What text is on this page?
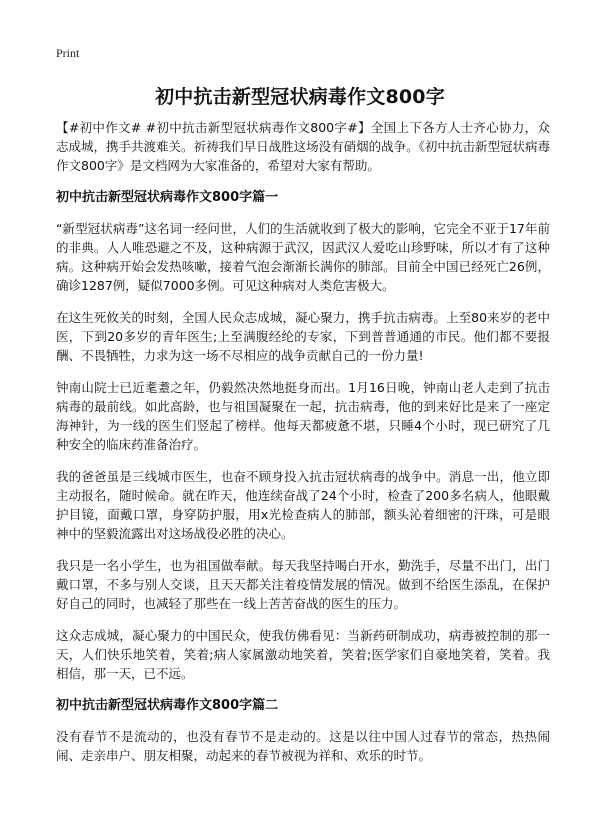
Print
初中抗击新型冠状病毒作文800字

【#初中作文# #初中抗击新型冠状病毒作文800字#】全国上下各方人士齐心协力，众志成城，携手共渡难关。祈祷我们早日战胜这场没有硝烟的战争。《初中抗击新型冠状病毒作文800字》是文档网为大家准备的，希望对大家有帮助。

初中抗击新型冠状病毒作文800字篇一

“新型冠状病毒”这名词一经问世，人们的生活就收到了极大的影响，它完全不亚于17年前的非典。人人唯恐避之不及，这种病源于武汉，因武汉人爱吃山珍野味，所以才有了这种病。这种病开始会发热咳嗽，接着气泡会渐渐长满你的肺部。目前全中国已经死亡26例，确诊1287例，疑似7000多例。可见这种病对人类危害极大。

在这生死攸关的时刻，全国人民众志成城，凝心聚力，携手抗击病毒。上至80来岁的老中医，下到20多岁的青年医生;上至满腹经纶的专家，下到普普通通的市民。他们都不要报酬、不畏牺牲，力求为这一场不尽相应的战争贡献自己的一份力量!

钟南山院士已近耄耋之年，仍毅然决然地挺身而出。1月16日晚，钟南山老人走到了抗击病毒的最前线。如此高龄，也与祖国凝聚在一起，抗击病毒，他的到来好比是来了一座定海神针，为一线的医生们竖起了榜样。他每天都疲惫不堪，只睡4个小时，现已研究了几种安全的临床药准备治疗。

我的爸爸虽是三线城市医生，也奋不顾身投入抗击冠状病毒的战争中。消息一出，他立即主动报名，随时候命。就在昨天，他连续奋战了24个小时，检查了200多名病人，他眼戴护目镜，面戴口罩，身穿防护服，用x光检查病人的肺部，额头沁着细密的汗珠，可是眼神中的坚毅流露出对这场战役必胜的决心。

我只是一名小学生，也为祖国做奉献。每天我坚持喝白开水，勤洗手，尽量不出门，出门戴口罩，不多与别人交谈，且天天都关注着疫情发展的情况。做到不给医生添乱，在保护好自己的同时，也减轻了那些在一线上苦苦奋战的医生的压力。

这众志成城，凝心聚力的中国民众，使我仿佛看见：当新药研制成功，病毒被控制的那一天，人们快乐地笑着，笑着;病人家属激动地笑着，笑着;医学家们自豪地笑着，笑着。我相信，那一天，已不远。

初中抗击新型冠状病毒作文800字篇二

没有春节不是流动的，也没有春节不是走动的。这是以往中国人过春节的常态，热热闹闹、走亲串户、朋友相聚，动起来的春节被视为祥和、欢乐的时节。
